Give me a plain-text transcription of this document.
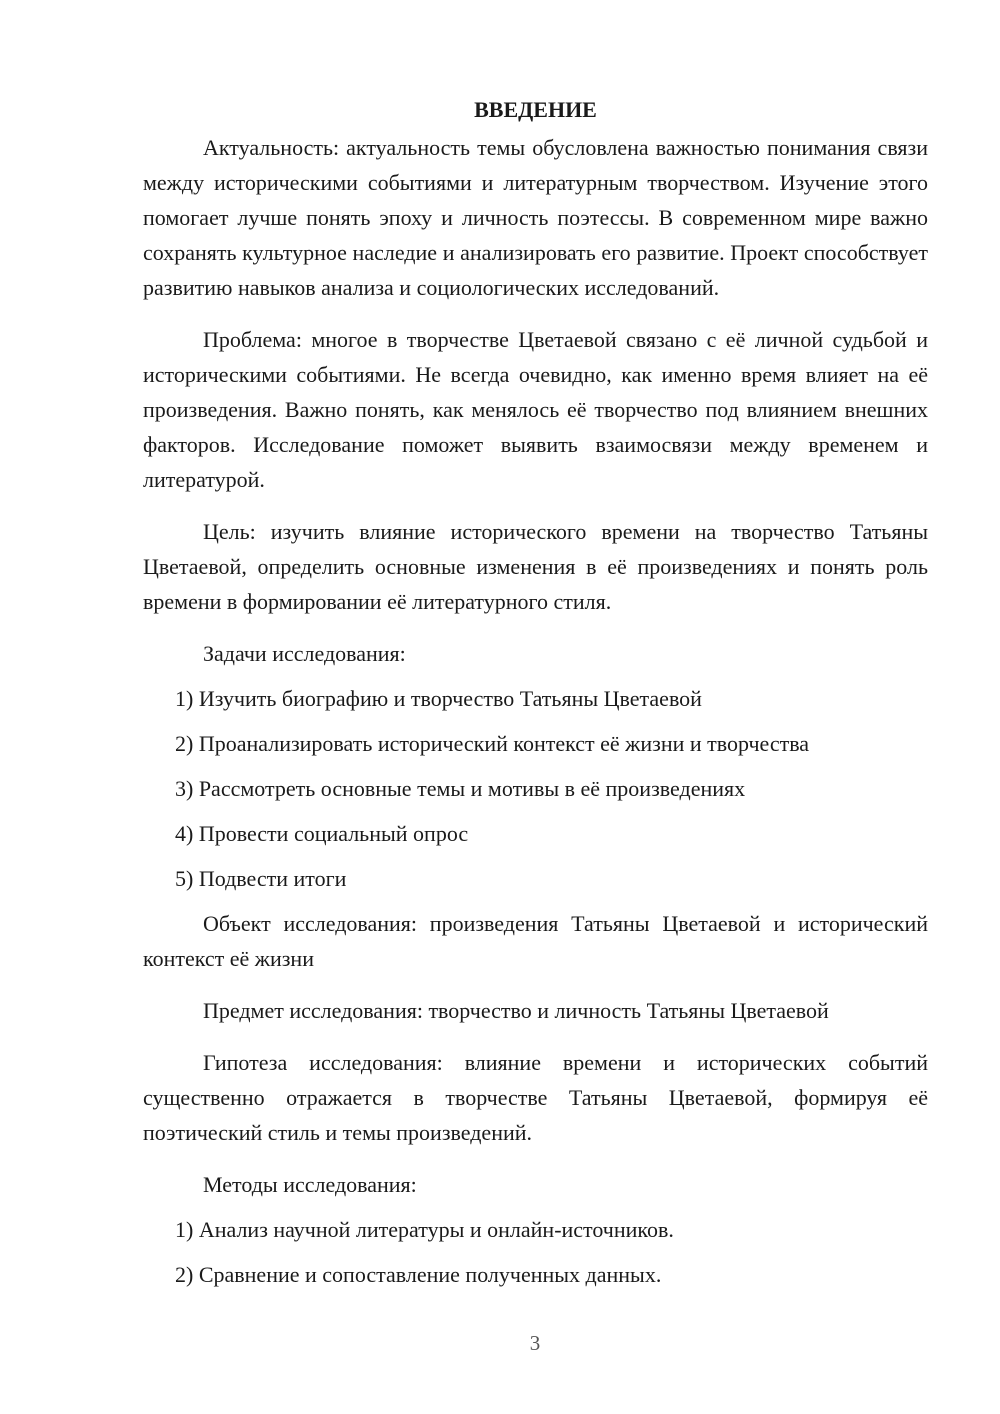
ВВЕДЕНИЕ

Актуальность: актуальность темы обусловлена важностью понимания связи между историческими событиями и литературным творчеством. Изучение этого помогает лучше понять эпоху и личность поэтессы. В современном мире важно сохранять культурное наследие и анализировать его развитие. Проект способствует развитию навыков анализа и социологических исследований.

Проблема: многое в творчестве Цветаевой связано с её личной судьбой и историческими событиями. Не всегда очевидно, как именно время влияет на её произведения. Важно понять, как менялось её творчество под влиянием внешних факторов. Исследование поможет выявить взаимосвязи между временем и литературой.

Цель: изучить влияние исторического времени на творчество Татьяны Цветаевой, определить основные изменения в её произведениях и понять роль времени в формировании её литературного стиля.

Задачи исследования:
1) Изучить биографию и творчество Татьяны Цветаевой
2) Проанализировать исторический контекст её жизни и творчества
3) Рассмотреть основные темы и мотивы в её произведениях
4) Провести социальный опрос
5) Подвести итоги

Объект исследования: произведения Татьяны Цветаевой и исторический контекст её жизни

Предмет исследования: творчество и личность Татьяны Цветаевой

Гипотеза исследования: влияние времени и исторических событий существенно отражается в творчестве Татьяны Цветаевой, формируя её поэтический стиль и темы произведений.

Методы исследования:
1) Анализ научной литературы и онлайн-источников.
2) Сравнение и сопоставление полученных данных.
3
